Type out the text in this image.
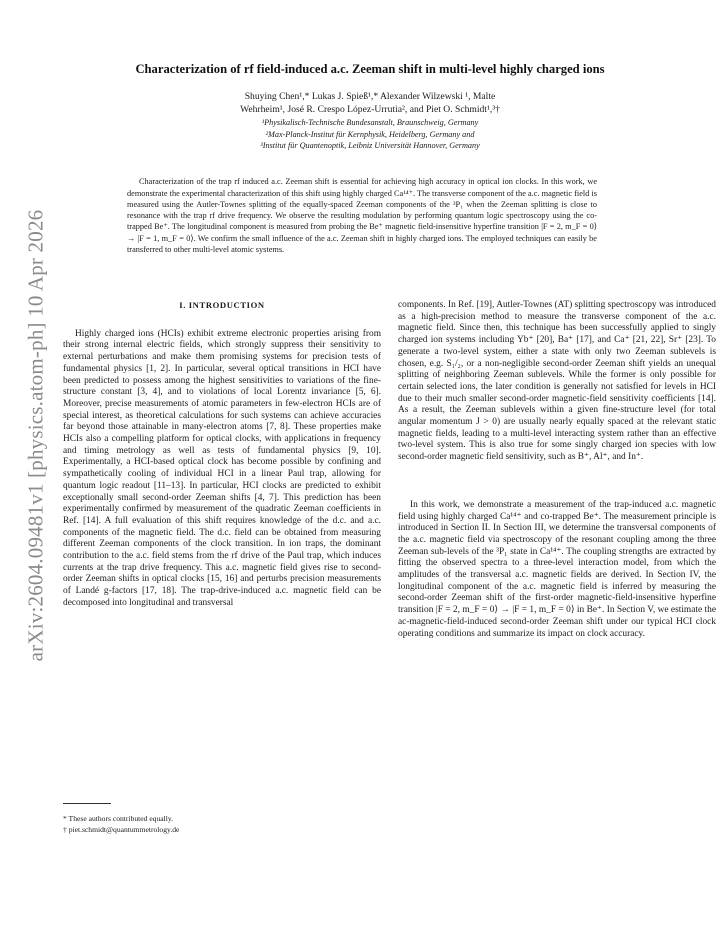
arXiv:2604.09481v1 [physics.atom-ph] 10 Apr 2026
Characterization of rf field-induced a.c. Zeeman shift in multi-level highly charged ions
Shuying Chen¹,* Lukas J. Spieß¹,* Alexander Wilzewski ¹, Malte
Wehrheim¹, José R. Crespo López-Urrutia², and Piet O. Schmidt¹,³†
¹Physikalisch-Technische Bundesanstalt, Braunschweig, Germany
²Max-Planck-Institut für Kernphysik, Heidelberg, Germany and
³Institut für Quantenoptik, Leibniz Universität Hannover, Germany

Characterization of the trap rf induced a.c. Zeeman shift is essential for achieving high accuracy in optical ion clocks. In this work, we demonstrate the experimental characterization of this shift using highly charged Ca¹⁴⁺. The transverse component of the a.c. magnetic field is measured using the Autler-Townes splitting of the equally-spaced Zeeman components of the ³P₁ when the Zeeman splitting is close to resonance with the trap rf drive frequency. We observe the resulting modulation by performing quantum logic spectroscopy using the co-trapped Be⁺. The longitudinal component is measured from probing the Be⁺ magnetic field-insensitive hyperfine transition |F = 2, m_F = 0⟩ → |F = 1, m_F = 0⟩. We confirm the small influence of the a.c. Zeeman shift in highly charged ions. The employed techniques can easily be transferred to other multi-level atomic systems.

I. INTRODUCTION

Highly charged ions (HCIs) exhibit extreme electronic properties arising from their strong internal electric fields, which strongly suppress their sensitivity to external perturbations and make them promising systems for precision tests of fundamental physics [1, 2]. In particular, several optical transitions in HCI have been predicted to possess among the highest sensitivities to variations of the fine-structure constant [3, 4], and to violations of local Lorentz invariance [5, 6]. Moreover, precise measurements of atomic parameters in few-electron HCIs are of special interest, as theoretical calculations for such systems can achieve accuracies far beyond those attainable in many-electron atoms [7, 8]. These properties make HCIs also a compelling platform for optical clocks, with applications in frequency and timing metrology as well as tests of fundamental physics [9, 10]. Experimentally, a HCI-based optical clock has become possible by confining and sympathetically cooling of individual HCI in a linear Paul trap, allowing for quantum logic readout [11–13]. In particular, HCI clocks are predicted to exhibit exceptionally small second-order Zeeman shifts [4, 7]. This prediction has been experimentally confirmed by measurement of the quadratic Zeeman coefficients in Ref. [14]. A full evaluation of this shift requires knowledge of the d.c. and a.c. components of the magnetic field. The d.c. field can be obtained from measuring different Zeeman components of the clock transition. In ion traps, the dominant contribution to the a.c. field stems from the rf drive of the Paul trap, which induces currents at the trap drive frequency. This a.c. magnetic field gives rise to second-order Zeeman shifts in optical clocks [15, 16] and perturbs precision measurements of Landé g-factors [17, 18]. The trap-drive-induced a.c. magnetic field can be decomposed into longitudinal and transversal

components. In Ref. [19], Autler-Townes (AT) splitting spectroscopy was introduced as a high-precision method to measure the transverse component of the a.c. magnetic field. Since then, this technique has been successfully applied to singly charged ion systems including Yb⁺ [20], Ba⁺ [17], and Ca⁺ [21, 22], Sr⁺ [23]. To generate a two-level system, either a state with only two Zeeman sublevels is chosen, e.g. S₁/₂, or a non-negligible second-order Zeeman shift yields an unequal splitting of neighboring Zeeman sublevels. While the former is only possible for certain selected ions, the later condition is generally not satisfied for levels in HCI due to their much smaller second-order magnetic-field sensitivity coefficients [14]. As a result, the Zeeman sublevels within a given fine-structure level (for total angular momentum J > 0) are usually nearly equally spaced at the relevant static magnetic fields, leading to a multi-level interacting system rather than an effective two-level system. This is also true for some singly charged ion species with low second-order magnetic field sensitivity, such as B⁺, Al⁺, and In⁺.

In this work, we demonstrate a measurement of the trap-induced a.c. magnetic field using highly charged Ca¹⁴⁺ and co-trapped Be⁺. The measurement principle is introduced in Section II. In Section III, we determine the transversal components of the a.c. magnetic field via spectroscopy of the resonant coupling among the three Zeeman sub-levels of the ³P₁ state in Ca¹⁴⁺. The coupling strengths are extracted by fitting the observed spectra to a three-level interaction model, from which the amplitudes of the transversal a.c. magnetic fields are derived. In Section IV, the longitudinal component of the a.c. magnetic field is inferred by measuring the second-order Zeeman shift of the first-order magnetic-field-insensitive hyperfine transition |F = 2, m_F = 0⟩ → |F = 1, m_F = 0⟩ in Be⁺. In Section V, we estimate the ac-magnetic-field-induced second-order Zeeman shift under our typical HCI clock operating conditions and summarize its impact on clock accuracy.

* These authors contributed equally.
† piet.schmidt@quantummetrology.de
